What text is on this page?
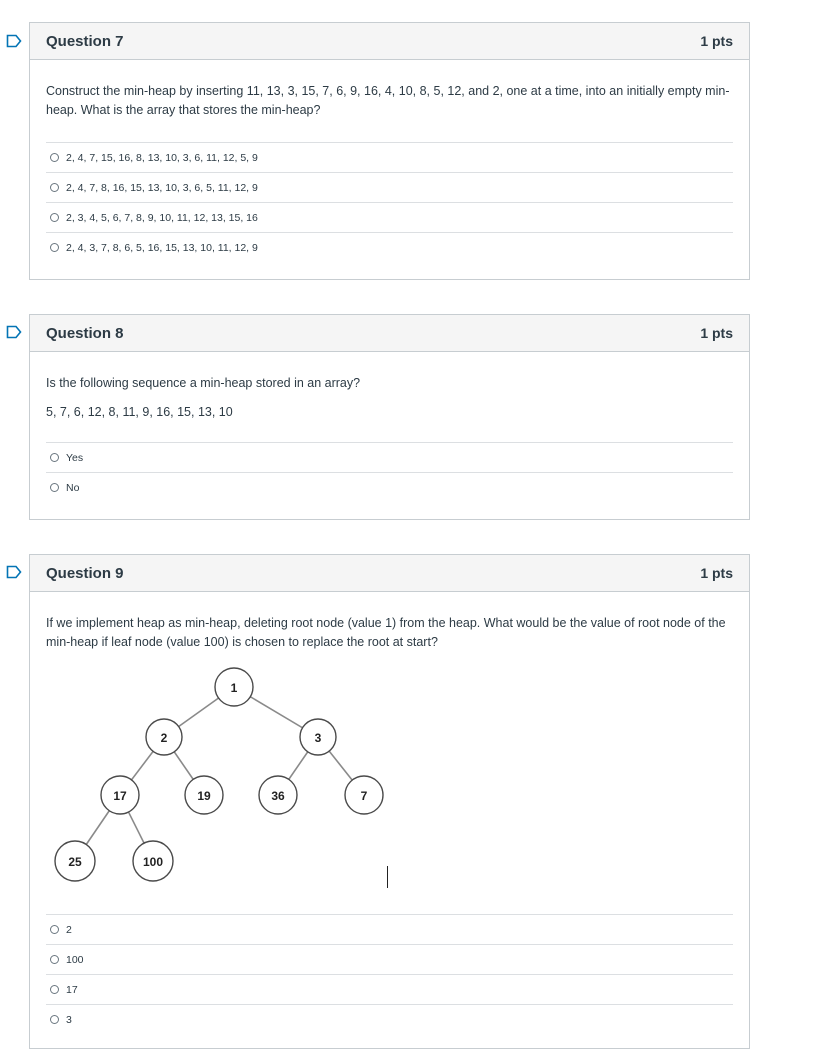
Question 7	1 pts

Construct the min-heap by inserting 11, 13, 3, 15, 7, 6, 9, 16, 4, 10, 8, 5, 12, and 2, one at a time, into an initially empty min-heap. What is the array that stores the min-heap?

2, 4, 7, 15, 16, 8, 13, 10, 3, 6, 11, 12, 5, 9
2, 4, 7, 8, 16, 15, 13, 10, 3, 6, 5, 11, 12, 9
2, 3, 4, 5, 6, 7, 8, 9, 10, 11, 12, 13, 15, 16
2, 4, 3, 7, 8, 6, 5, 16, 15, 13, 10, 11, 12, 9
Question 8	1 pts

Is the following sequence a min-heap stored in an array?

5, 7, 6, 12, 8, 11, 9, 16, 15, 13, 10

Yes
No
Question 9	1 pts

If we implement heap as min-heap, deleting root node (value 1) from the heap. What would be the value of root node of the min-heap if leaf node (value 100) is chosen to replace the root at start?

1
2	3
17	19	36	7
25	100
2
100
17
3
